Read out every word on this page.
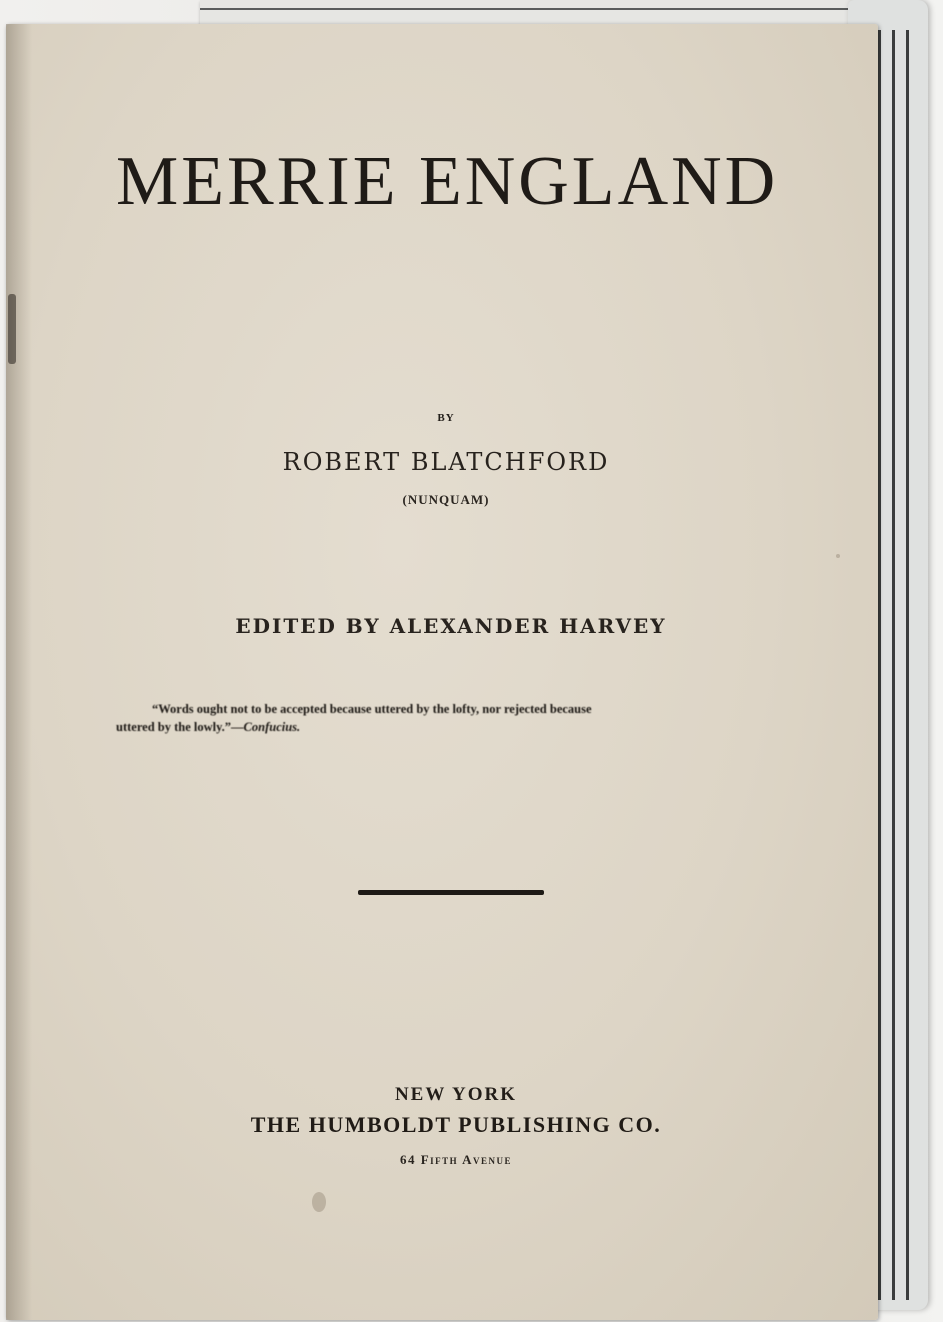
MERRIE ENGLAND
BY
ROBERT BLATCHFORD
(NUNQUAM)
EDITED BY ALEXANDER HARVEY
“Words ought not to be accepted because uttered by the lofty, nor rejected because
uttered by the lowly.”—Confucius.
NEW YORK
THE HUMBOLDT PUBLISHING CO.
64 Fifth Avenue
